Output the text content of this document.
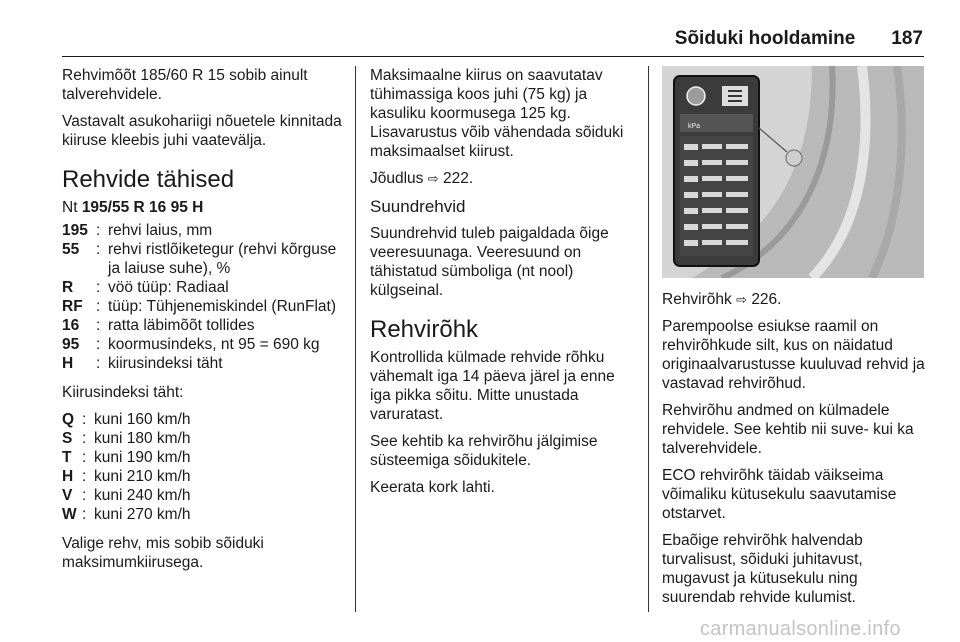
Sõiduki hooldamine 187

Rehvimõõt 185/60 R 15 sobib ainult talverehvidele.

Vastavalt asukohariigi nõuetele kinnitada kiiruse kleebis juhi vaatevälja.

Rehvide tähised

Nt 195/55 R 16 95 H

195 : rehvi laius, mm
55	: rehvi ristlõiketegur (rehvi kõrguse ja laiuse suhe), %
R	: vöö tüüp: Radiaal
RF : tüüp: Tühjenemiskindel (RunFlat)
16	: ratta läbimõõt tollides
95	: koormusindeks, nt 95 = 690 kg
H	: kiirusindeksi täht

Kiirusindeksi täht:

Q : kuni 160 km/h
S : kuni 180 km/h
T : kuni 190 km/h
H : kuni 210 km/h
V : kuni 240 km/h
W : kuni 270 km/h

Valige rehv, mis sobib sõiduki maksimumkiirusega.

Maksimaalne kiirus on saavutatav tühimassiga koos juhi (75 kg) ja kasuliku koormusega 125 kg. Lisavarustus võib vähendada sõiduki maksimaalset kiirust.

Jõudlus ⇨ 222.

Suundrehvid

Suundrehvid tuleb paigaldada õige veeresuunaga. Veeresuund on tähistatud sümboliga (nt nool) külgseinal.

Rehvirõhk

Kontrollida külmade rehvide rõhku vähemalt iga 14 päeva järel ja enne iga pikka sõitu. Mitte unustada varuratast.

See kehtib ka rehvirõhu jälgimise süsteemiga sõidukitele.

Keerata kork lahti.

kPa

Rehvirõhk ⇨ 226.

Parempoolse esiukse raamil on rehvirõhkude silt, kus on näidatud originaalvarustusse kuuluvad rehvid ja vastavad rehvirõhud.

Rehvirõhu andmed on külmadele rehvidele. See kehtib nii suve- kui ka talverehvidele.

ECO rehvirõhk täidab väikseima võimaliku kütusekulu saavutamise otstarvet.

Ebaõige rehvirõhk halvendab turvalisust, sõiduki juhitavust, mugavust ja kütusekulu ning suurendab rehvide kulumist.

carmanualsonline.info
